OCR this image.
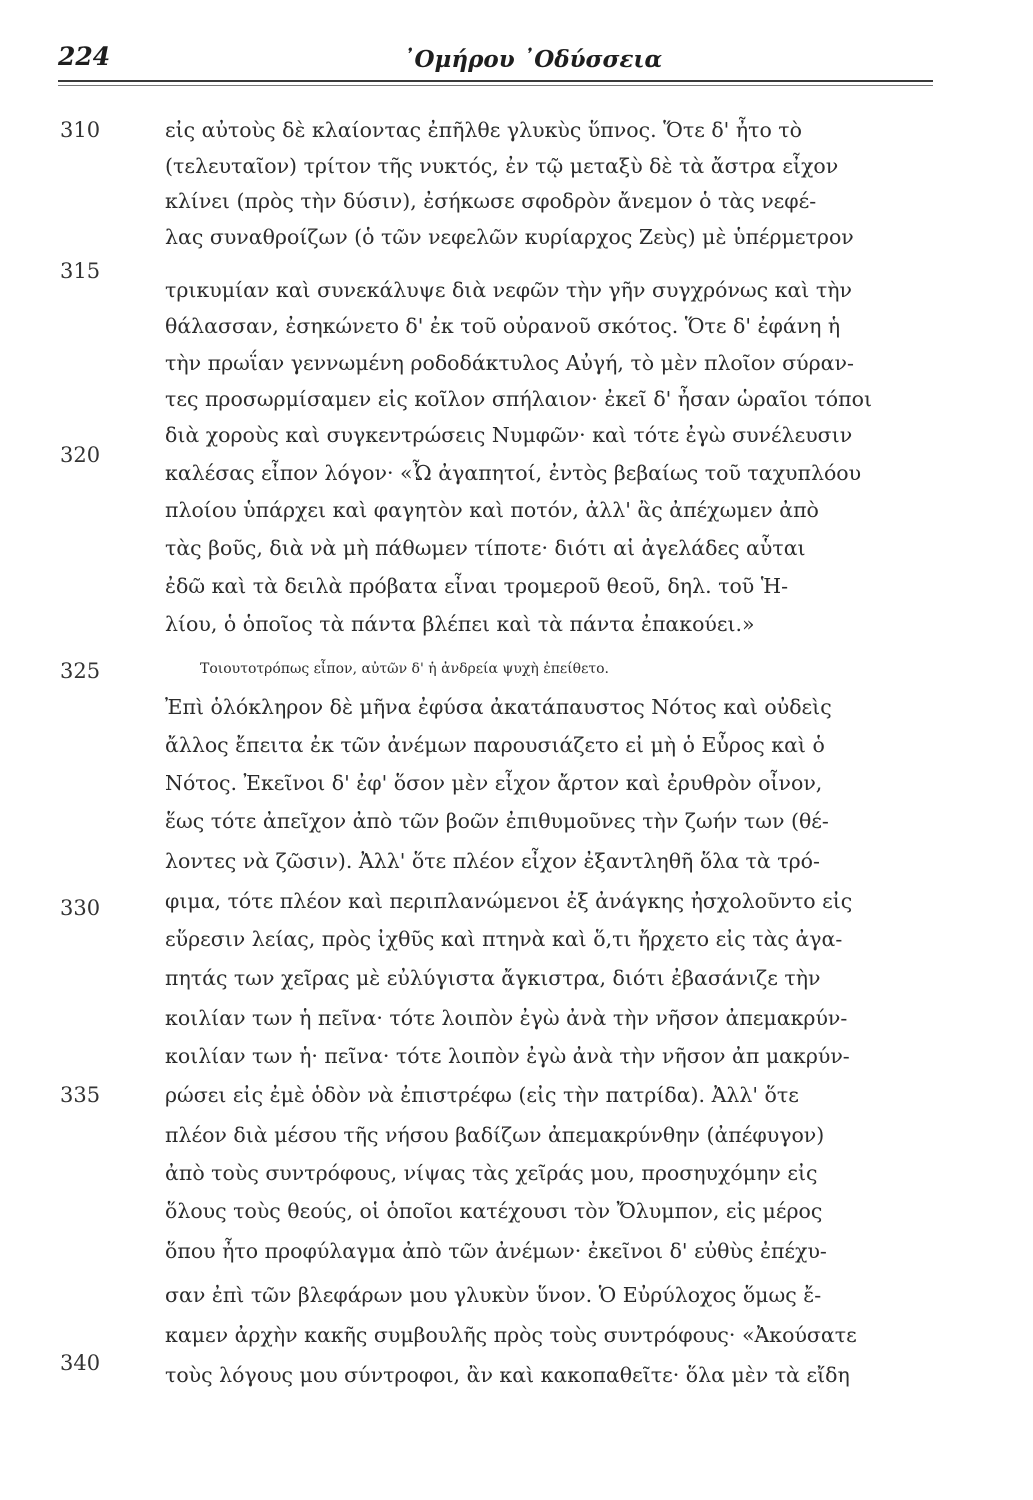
224	᾿Ομήρου ᾿Οδύσσεια
310
315
320
325
330
335
340
εἰς αὐτοὺς δὲ κλαίοντας ἐπῆλθε γλυκὺς ὕπνος. Ὅτε δ' ἦτο τὸ
(τελευταῖον) τρίτον τῆς νυκτός, ἐν τῷ μεταξὺ δὲ τὰ ἄστρα εἶχον
κλίνει (πρὸς τὴν δύσιν), ἐσήκωσε σφοδρὸν ἄνεμον ὁ τὰς νεφέ-
λας συναθροίζων (ὁ τῶν νεφελῶν κυρίαρχος Ζεὺς) μὲ ὑπέρμετρον
τρικυμίαν καὶ συνεκάλυψε διὰ νεφῶν τὴν γῆν συγχρόνως καὶ τὴν
θάλασσαν, ἐσηκώνετο δ' ἐκ τοῦ οὐρανοῦ σκότος. Ὅτε δ' ἐφάνη ἡ
τὴν πρωΐαν γεννωμένη ροδοδάκτυλος Αὐγή, τὸ μὲν πλοῖον σύραν-
τες προσωρμίσαμεν εἰς κοῖλον σπήλαιον· ἐκεῖ δ' ἦσαν ὡραῖοι τόποι
διὰ χοροὺς καὶ συγκεντρώσεις Νυμφῶν· καὶ τότε ἐγὼ συνέλευσιν
καλέσας εἶπον λόγον· «Ὦ ἀγαπητοί, ἐντὸς βεβαίως τοῦ ταχυπλόου
πλοίου ὑπάρχει καὶ φαγητὸν καὶ ποτόν, ἀλλ' ἂς ἀπέχωμεν ἀπὸ
τὰς βοῦς, διὰ νὰ μὴ πάθωμεν τίποτε· διότι αἱ ἀγελάδες αὗται
ἐδῶ καὶ τὰ δειλὰ πρόβατα εἶναι τρομεροῦ θεοῦ, δηλ. τοῦ Ἡ-
λίου, ὁ ὁποῖος τὰ πάντα βλέπει καὶ τὰ πάντα ἐπακούει.»
Τοιουτοτρόπως εἶπον, αὐτῶν δ' ἡ ἀνδρεία ψυχὴ ἐπείθετο.
Ἐπὶ ὁλόκληρον δὲ μῆνα ἐφύσα ἀκατάπαυστος Νότος καὶ οὐδεὶς
ἄλλος ἔπειτα ἐκ τῶν ἀνέμων παρουσιάζετο εἰ μὴ ὁ Εὖρος καὶ ὁ
Νότος. Ἐκεῖνοι δ' ἐφ' ὅσον μὲν εἶχον ἄρτον καὶ ἐρυθρὸν οἶνον,
ἕως τότε ἀπεῖχον ἀπὸ τῶν βοῶν ἐπιθυμοῦνες τὴν ζωήν των (θέ-
λοντες νὰ ζῶσιν). Ἀλλ' ὅτε πλέον εἶχον ἐξαντληθῆ ὅλα τὰ τρό-
φιμα, τότε πλέον καὶ περιπλανώμενοι ἐξ ἀνάγκης ἠσχολοῦντο εἰς
εὕρεσιν λείας, πρὸς ἰχθῦς καὶ πτηνὰ καὶ ὅ,τι ἤρχετο εἰς τὰς ἀγα-
πητάς των χεῖρας μὲ εὐλύγιστα ἄγκιστρα, διότι ἐβασάνιζε τὴν
κοιλίαν των ἡ πεῖνα· τότε λοιπὸν ἐγὼ ἀνὰ τὴν νῆσον ἀπεμακρύν-
κοιλίαν των ἡ· πεῖνα· τότε λοιπὸν ἐγὼ ἀνὰ τὴν νῆσον ἀπ μακρύν-
ρώσει εἰς ἐμὲ ὁδὸν νὰ ἐπιστρέφω (εἰς τὴν πατρίδα). Ἀλλ' ὅτε
πλέον διὰ μέσου τῆς νήσου βαδίζων ἀπεμακρύνθην (ἀπέφυγον)
ἀπὸ τοὺς συντρόφους, νίψας τὰς χεῖράς μου, προσηυχόμην εἰς
ὅλους τοὺς θεούς, οἱ ὁποῖοι κατέχουσι τὸν Ὄλυμπον, εἰς μέρος
ὅπου ἦτο προφύλαγμα ἀπὸ τῶν ἀνέμων· ἐκεῖνοι δ' εὐθὺς ἐπέχυ-
σαν ἐπὶ τῶν βλεφάρων μου γλυκὺν ὕνον. Ὁ Εὐρύλοχος ὅμως ἔ-
καμεν ἀρχὴν κακῆς συμβουλῆς πρὸς τοὺς συντρόφους· «Ἀκούσατε
τοὺς λόγους μου σύντροφοι, ἂν καὶ κακοπαθεῖτε· ὅλα μὲν τὰ εἴδη
